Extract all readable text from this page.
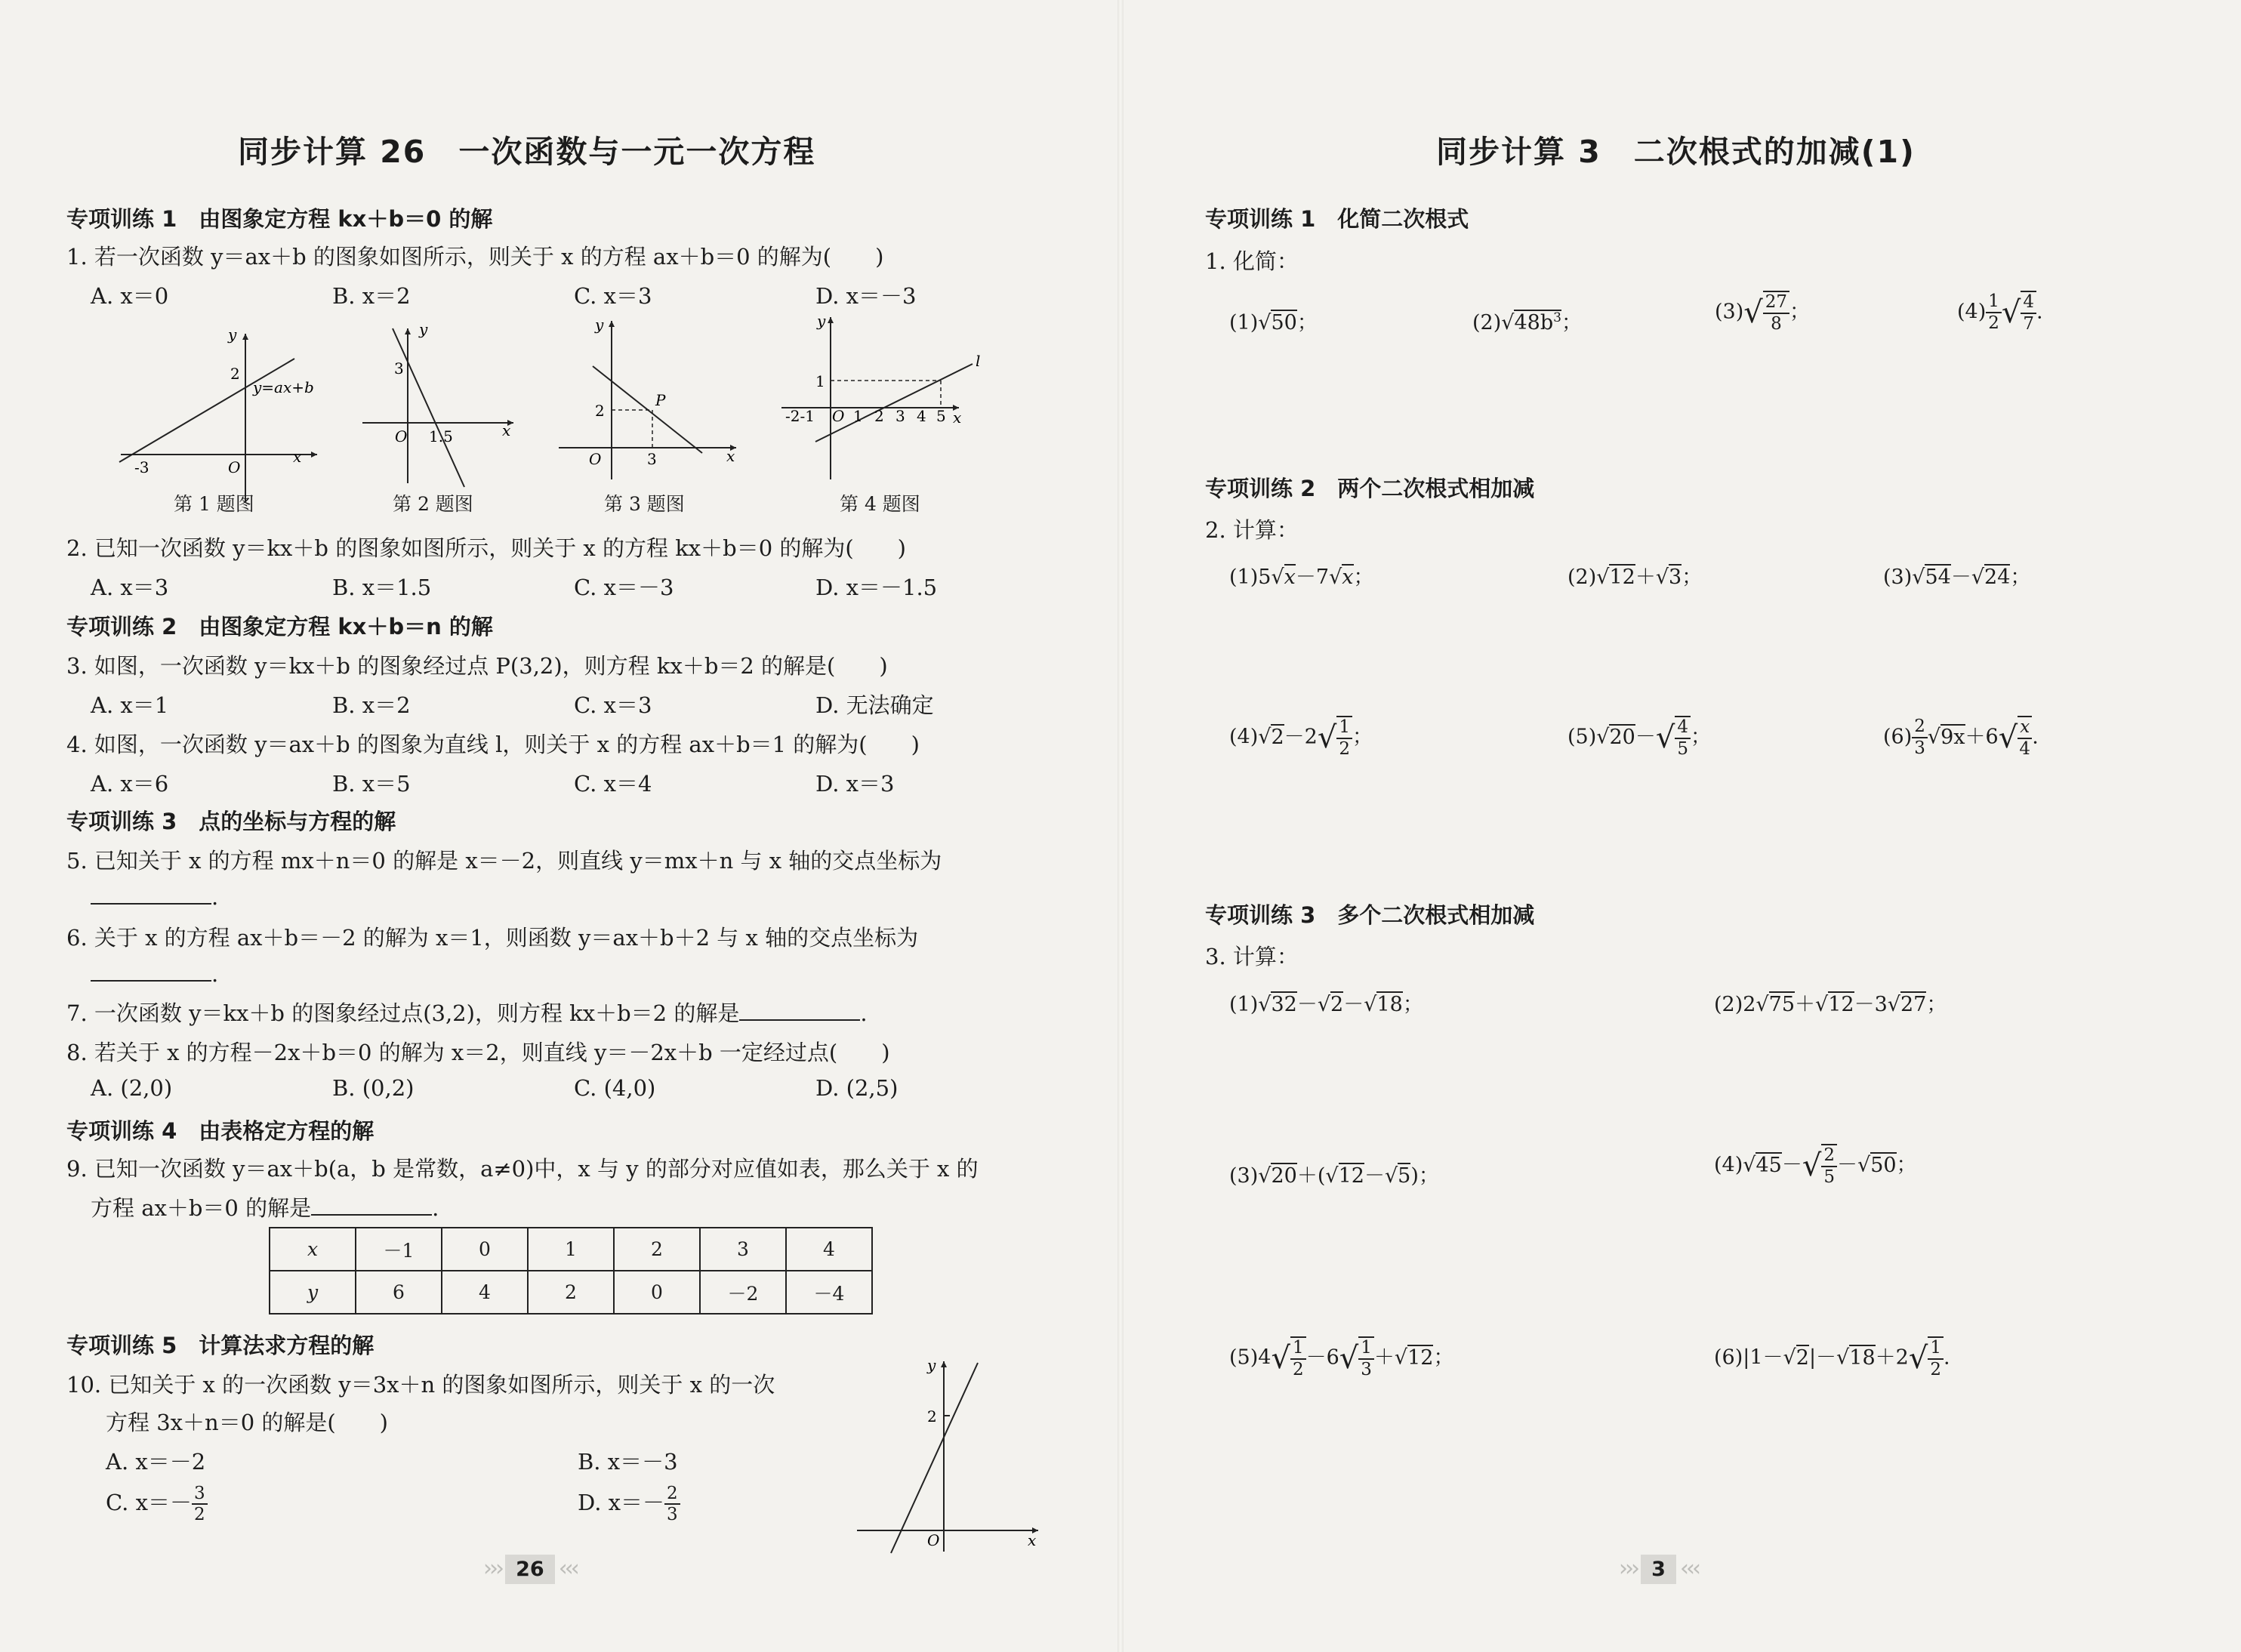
同步计算 26　一次函数与一元一次方程
专项训练 1　由图象定方程 kx＋b＝0 的解
1. 若一次函数 y＝ax＋b 的图象如图所示，则关于 x 的方程 ax＋b＝0 的解为(　　)
A. x＝0	B. x＝2	C. x＝3	D. x＝－3
y
x
O
2
-3
y=ax+b
第 1 题图
y
x
O
3
1.5
第 2 题图
y
x
O
2
3
P
第 3 题图
y
x
l
1
-2-1 O 1 2 3 4 5
第 4 题图
2. 已知一次函数 y＝kx＋b 的图象如图所示，则关于 x 的方程 kx＋b＝0 的解为(　　)
A. x＝3	B. x＝1.5	C. x＝－3	D. x＝－1.5
专项训练 2　由图象定方程 kx＋b＝n 的解
3. 如图，一次函数 y＝kx＋b 的图象经过点 P(3,2)，则方程 kx＋b＝2 的解是(　　)
A. x＝1	B. x＝2	C. x＝3	D. 无法确定
4. 如图，一次函数 y＝ax＋b 的图象为直线 l，则关于 x 的方程 ax＋b＝1 的解为(　　)
A. x＝6	B. x＝5	C. x＝4	D. x＝3
专项训练 3　点的坐标与方程的解
5. 已知关于 x 的方程 mx＋n＝0 的解是 x＝－2，则直线 y＝mx＋n 与 x 轴的交点坐标为
.
6. 关于 x 的方程 ax＋b＝－2 的解为 x＝1，则函数 y＝ax＋b＋2 与 x 轴的交点坐标为
.
7. 一次函数 y＝kx＋b 的图象经过点(3,2)，则方程 kx＋b＝2 的解是	.
8. 若关于 x 的方程－2x＋b＝0 的解为 x＝2，则直线 y＝－2x＋b 一定经过点(　　)
A. (2,0)	B. (0,2)	C. (4,0)	D. (2,5)
专项训练 4　由表格定方程的解
9. 已知一次函数 y＝ax＋b(a，b 是常数，a≠0)中，x 与 y 的部分对应值如表，那么关于 x 的
方程 ax＋b＝0 的解是	.
x	－1	0	1	2	3	4
y	6	4	2	0	－2	－4
专项训练 5　计算法求方程的解
10. 已知关于 x 的一次函数 y＝3x＋n 的图象如图所示，则关于 x 的一次
方程 3x＋n＝0 的解是(　　)
A. x＝－2	B. x＝－3
C. $x=- \frac{3}{2}$	D. $x=- \frac{2}{3}$
y
x
O
2
››› 26 ‹‹‹
同步计算 3　二次根式的加减(1)
专项训练 1　化简二次根式
1. 化简：
(1)√50；	$(2)√48b^3$；	$(3)√ \frac{27}{8}$ ；	$(4) \frac{1}{2}$ √ $\frac{4}{7}$ .
专项训练 2　两个二次根式相加减
2. 计算：
(1)5√x－7√x；	(2)√12＋√3；	(3)√54－√24；
$(4)√2-2√ \frac{1}{2}$ ；	$(5)√20-√ \frac{4}{5}$ ；	$(6) \frac{2}{3} √9x+6√ \frac{x}{4}$ .
专项训练 3　多个二次根式相加减
3. 计算：
(1)√32－√2－√18；	(2)2√75＋√12－3√27；
(3)√20＋(√12－√5)；	$(4)√45-√ \frac{2}{5} -√50$；
$(5)4√ \frac{1}{2} -6√ \frac{1}{3} +√12$；	$(6)|1-√2|-√18+2√ \frac{1}{2}$ .
››› 3 ‹‹‹
